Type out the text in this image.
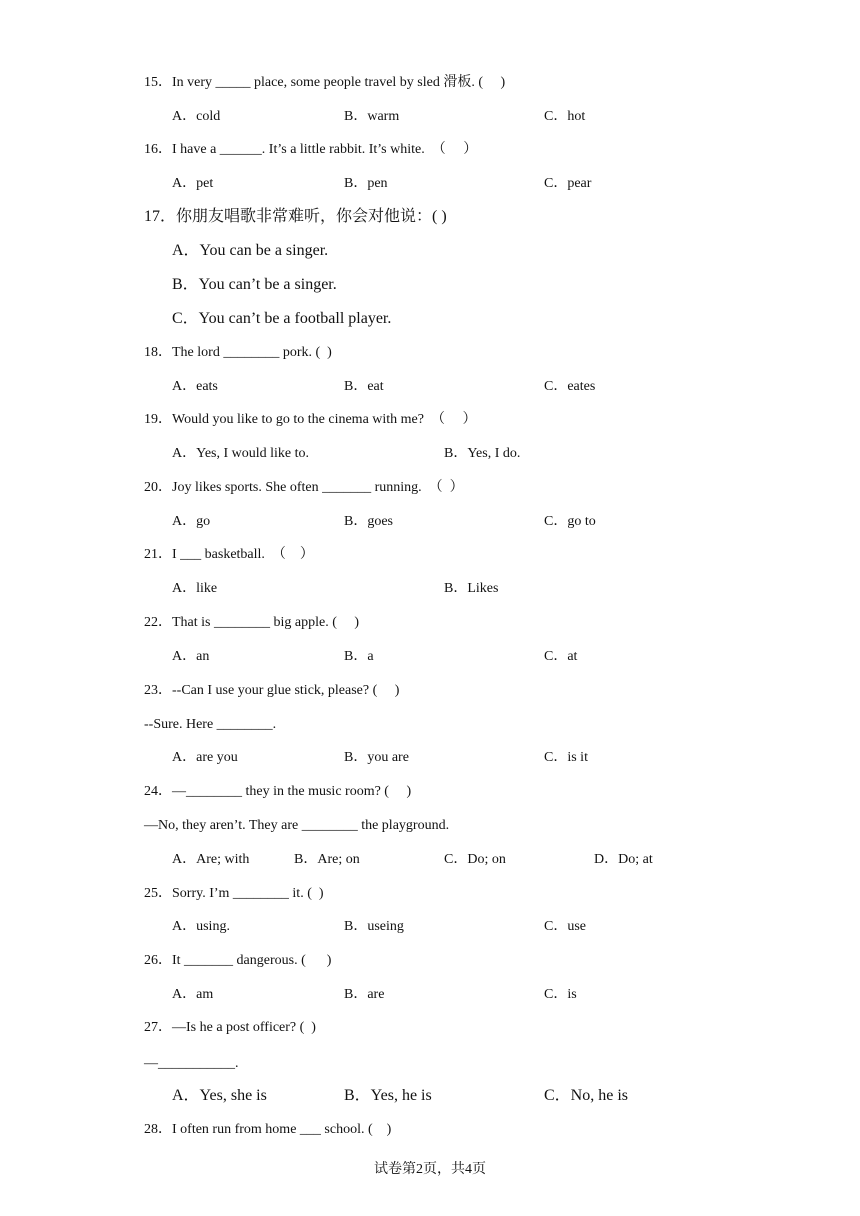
15．In very _____ place, some people travel by sled 滑板. (     )
A．cold	B．warm	C．hot
16．I have a ______. It’s a little rabbit. It’s white.  （     ）
A．pet	B．pen	C．pear
17．你朋友唱歌非常难听，你会对他说：( )
A．You can be a singer.
B．You can’t be a singer.
C．You can’t be a football player.
18．The lord ________ pork. (  )
A．eats	B．eat	C．eates
19．Would you like to go to the cinema with me?  （     ）
A．Yes, I would like to.	B．Yes, I do.
20．Joy likes sports. She often _______ running.  （  ）
A．go	B．goes	C．go to
21．I ___ basketball.  （    ）
A．like	B．Likes
22．That is ________ big apple. (     )
A．an	B．a	C．at
23．--Can I use your glue stick, please? (     )
--Sure. Here ________.
A．are you	B．you are	C．is it
24．—________ they in the music room? (     )
—No, they aren’t. They are ________ the playground.
A．Are; with	B．Are; on	C．Do; on	D．Do; at
25．Sorry. I’m ________ it. (  )
A．using.	B．useing	C．use
26．It _______ dangerous. (      )
A．am	B．are	C．is
27．—Is he a post officer? (  )
—___________.
A．Yes, she is	B．Yes, he is	C．No, he is
28．I often run from home ___ school. (    )
试卷第2页，共4页
